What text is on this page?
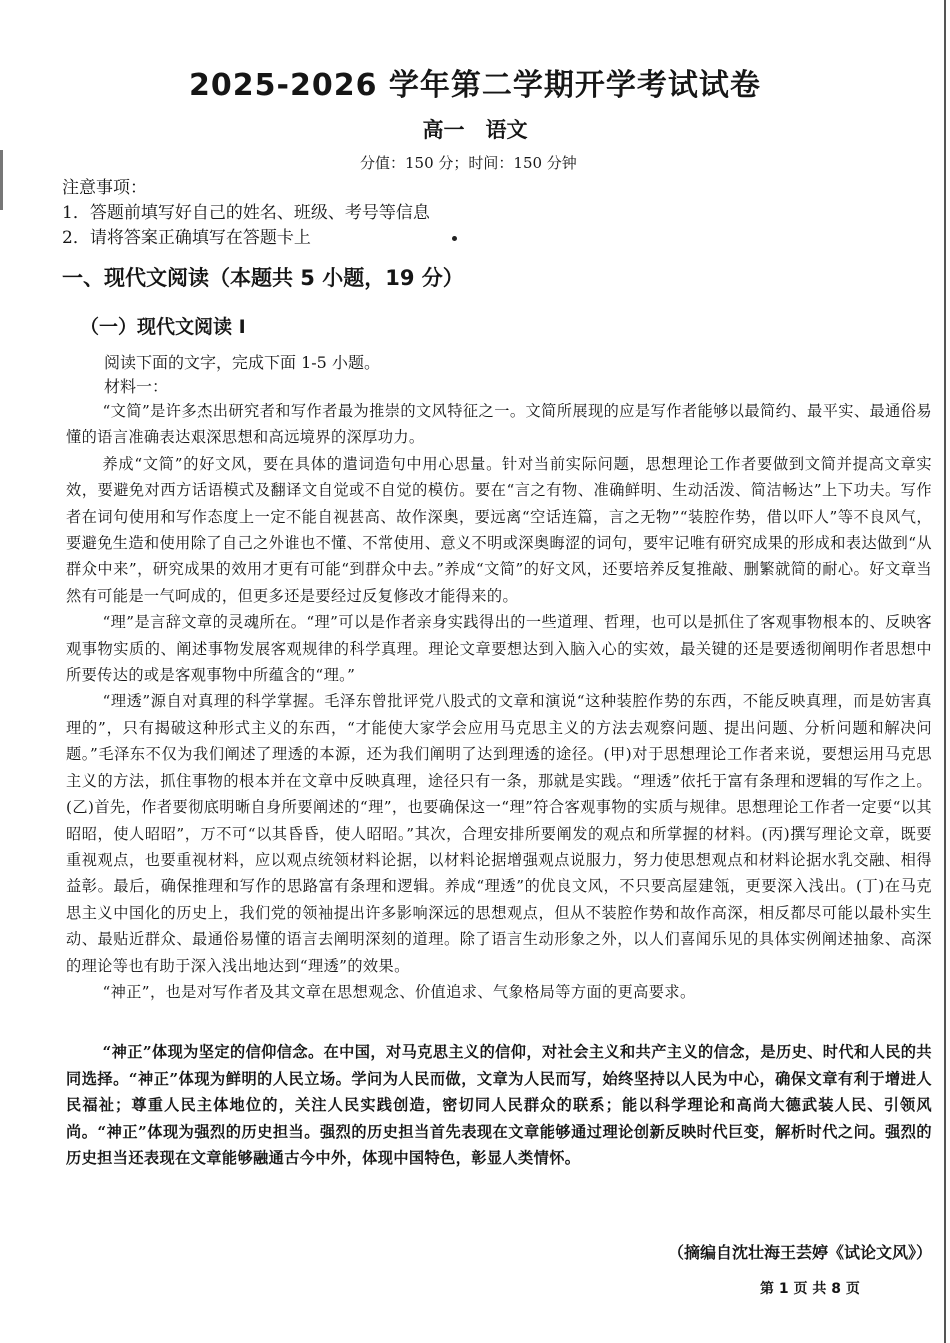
2025-2026 学年第二学期开学考试试卷
高一　语文
分值：150 分；时间：150 分钟
注意事项：
1．答题前填写好自己的姓名、班级、考号等信息
2．请将答案正确填写在答题卡上
一、现代文阅读（本题共 5 小题，19 分）
（一）现代文阅读 I
阅读下面的文字，完成下面 1-5 小题。
材料一：

“文简”是许多杰出研究者和写作者最为推崇的文风特征之一。文简所展现的应是写作者能够以最简约、最平实、最通俗易懂的语言准确表达艰深思想和高远境界的深厚功力。

养成“文简”的好文风，要在具体的遣词造句中用心思量。针对当前实际问题，思想理论工作者要做到文简并提高文章实效，要避免对西方话语模式及翻译文自觉或不自觉的模仿。要在“言之有物、准确鲜明、生动活泼、简洁畅达”上下功夫。写作者在词句使用和写作态度上一定不能自视甚高、故作深奥，要远离“空话连篇，言之无物”“装腔作势，借以吓人”等不良风气，要避免生造和使用除了自己之外谁也不懂、不常使用、意义不明或深奥晦涩的词句，要牢记唯有研究成果的形成和表达做到“从群众中来”，研究成果的效用才更有可能“到群众中去。”养成“文简”的好文风，还要培养反复推敲、删繁就简的耐心。好文章当然有可能是一气呵成的，但更多还是要经过反复修改才能得来的。

“理”是言辞文章的灵魂所在。“理”可以是作者亲身实践得出的一些道理、哲理，也可以是抓住了客观事物根本的、反映客观事物实质的、阐述事物发展客观规律的科学真理。理论文章要想达到入脑入心的实效，最关键的还是要透彻阐明作者思想中所要传达的或是客观事物中所蕴含的“理。”

“理透”源自对真理的科学掌握。毛泽东曾批评党八股式的文章和演说“这种装腔作势的东西，不能反映真理，而是妨害真理的”，只有揭破这种形式主义的东西，“才能使大家学会应用马克思主义的方法去观察问题、提出问题、分析问题和解决问题。”毛泽东不仅为我们阐述了理透的本源，还为我们阐明了达到理透的途径。(甲)对于思想理论工作者来说，要想运用马克思主义的方法，抓住事物的根本并在文章中反映真理，途径只有一条，那就是实践。“理透”依托于富有条理和逻辑的写作之上。(乙)首先，作者要彻底明晰自身所要阐述的“理”，也要确保这一“理”符合客观事物的实质与规律。思想理论工作者一定要“以其昭昭，使人昭昭”，万不可“以其昏昏，使人昭昭。”其次，合理安排所要阐发的观点和所掌握的材料。(丙)撰写理论文章，既要重视观点，也要重视材料，应以观点统领材料论据，以材料论据增强观点说服力，努力使思想观点和材料论据水乳交融、相得益彰。最后，确保推理和写作的思路富有条理和逻辑。养成“理透”的优良文风，不只要高屋建瓴，更要深入浅出。(丁)在马克思主义中国化的历史上，我们党的领袖提出许多影响深远的思想观点，但从不装腔作势和故作高深，相反都尽可能以最朴实生动、最贴近群众、最通俗易懂的语言去阐明深刻的道理。除了语言生动形象之外，以人们喜闻乐见的具体实例阐述抽象、高深的理论等也有助于深入浅出地达到“理透”的效果。

“神正”，也是对写作者及其文章在思想观念、价值追求、气象格局等方面的更高要求。

“神正”体现为坚定的信仰信念。在中国，对马克思主义的信仰，对社会主义和共产主义的信念，是历史、时代和人民的共同选择。“神正”体现为鲜明的人民立场。学问为人民而做，文章为人民而写，始终坚持以人民为中心，确保文章有利于增进人民福祉；尊重人民主体地位的，关注人民实践创造，密切同人民群众的联系；能以科学理论和高尚大德武装人民、引领风尚。“神正”体现为强烈的历史担当。强烈的历史担当首先表现在文章能够通过理论创新反映时代巨变，解析时代之问。强烈的历史担当还表现在文章能够融通古今中外，体现中国特色，彰显人类情怀。

（摘编自沈壮海王芸婷《试论文风》）
第 1 页 共 8 页
